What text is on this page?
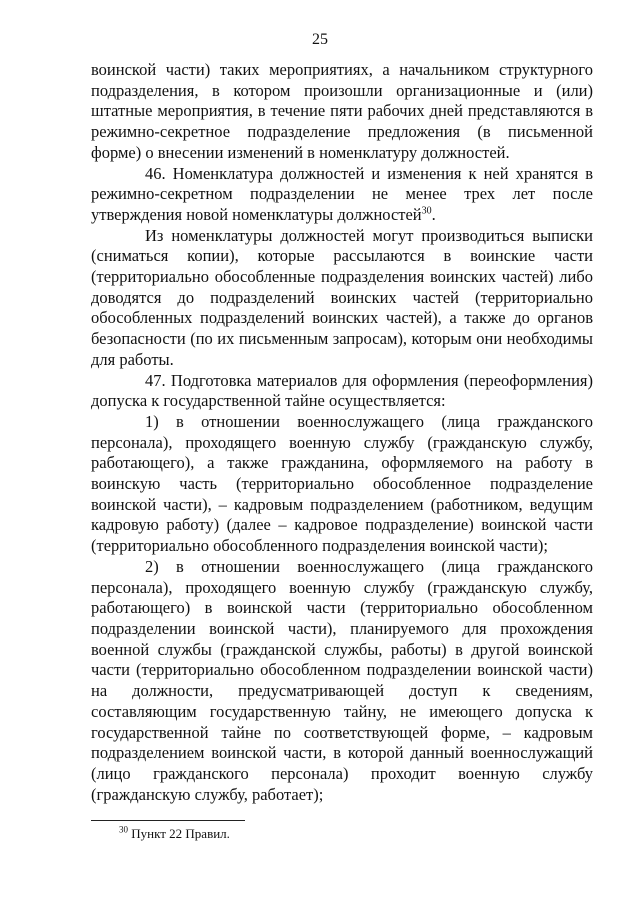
25

воинской части) таких мероприятиях, а начальником структурного подразделения, в котором произошли организационные и (или) штатные мероприятия, в течение пяти рабочих дней представляются в режимно-секретное подразделение предложения (в письменной форме) о внесении изменений в номенклатуру должностей.

46. Номенклатура должностей и изменения к ней хранятся в режимно-секретном подразделении не менее трех лет после утверждения новой номенклатуры должностей$^{30}$.

Из номенклатуры должностей могут производиться выписки (сниматься копии), которые рассылаются в воинские части (территориально обособленные подразделения воинских частей) либо доводятся до подразделений воинских частей (территориально обособленных подразделений воинских частей), а также до органов безопасности (по их письменным запросам), которым они необходимы для работы.

47. Подготовка материалов для оформления (переоформления) допуска к государственной тайне осуществляется:

1) в отношении военнослужащего (лица гражданского персонала), проходящего военную службу (гражданскую службу, работающего), а также гражданина, оформляемого на работу в воинскую часть (территориально обособленное подразделение воинской части), – кадровым подразделением (работником, ведущим кадровую работу) (далее – кадровое подразделение) воинской части (территориально обособленного подразделения воинской части);

2) в отношении военнослужащего (лица гражданского персонала), проходящего военную службу (гражданскую службу, работающего) в воинской части (территориально обособленном подразделении воинской части), планируемого для прохождения военной службы (гражданской службы, работы) в другой воинской части (территориально обособленном подразделении воинской части) на должности, предусматривающей доступ к сведениям, составляющим государственную тайну, не имеющего допуска к государственной тайне по соответствующей форме, – кадровым подразделением воинской части, в которой данный военнослужащий (лицо гражданского персонала) проходит военную службу (гражданскую службу, работает);

$^{30}$ Пункт 22 Правил.
